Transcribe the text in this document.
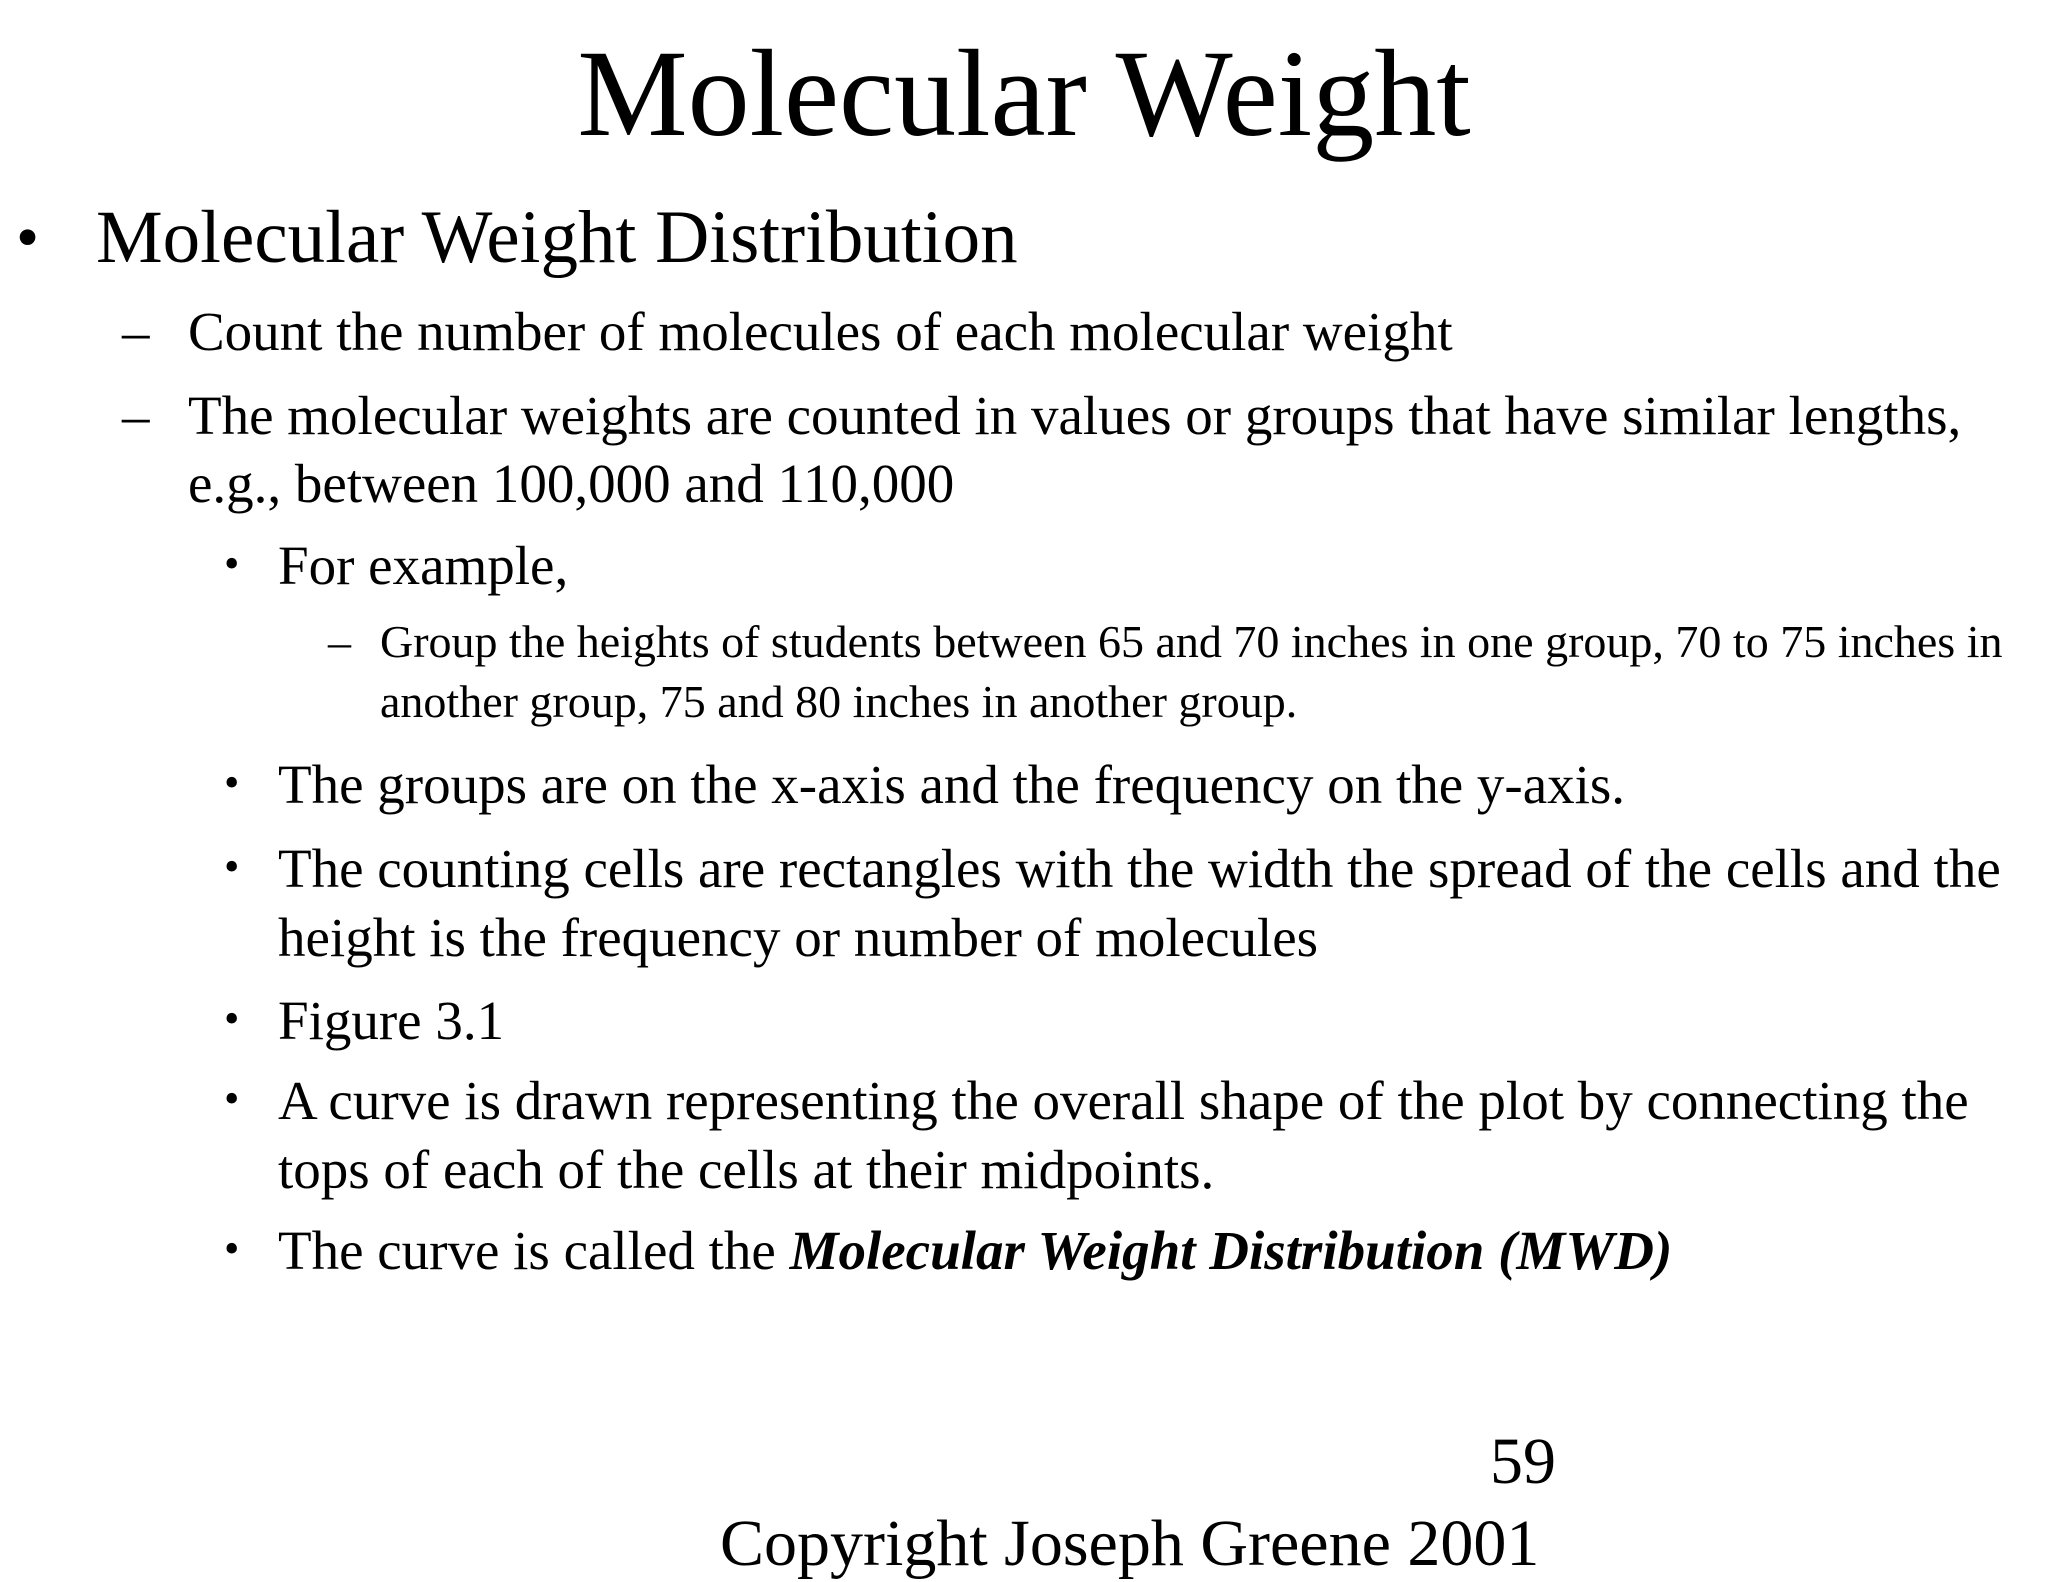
Molecular Weight
• Molecular Weight Distribution
– Count the number of molecules of each molecular weight
– The molecular weights are counted in values or groups that have similar lengths, e.g., between 100,000 and 110,000
• For example,
– Group the heights of students between 65 and 70 inches in one group, 70 to 75 inches in another group, 75 and 80 inches in another group.
• The groups are on the x-axis and the frequency on the y-axis.
• The counting cells are rectangles with the width the spread of the cells and the height is the frequency or number of molecules
• Figure 3.1
• A curve is drawn representing the overall shape of the plot by connecting the tops of each of the cells at their midpoints.
• The curve is called the Molecular Weight Distribution (MWD)
59
Copyright Joseph Greene 2001
